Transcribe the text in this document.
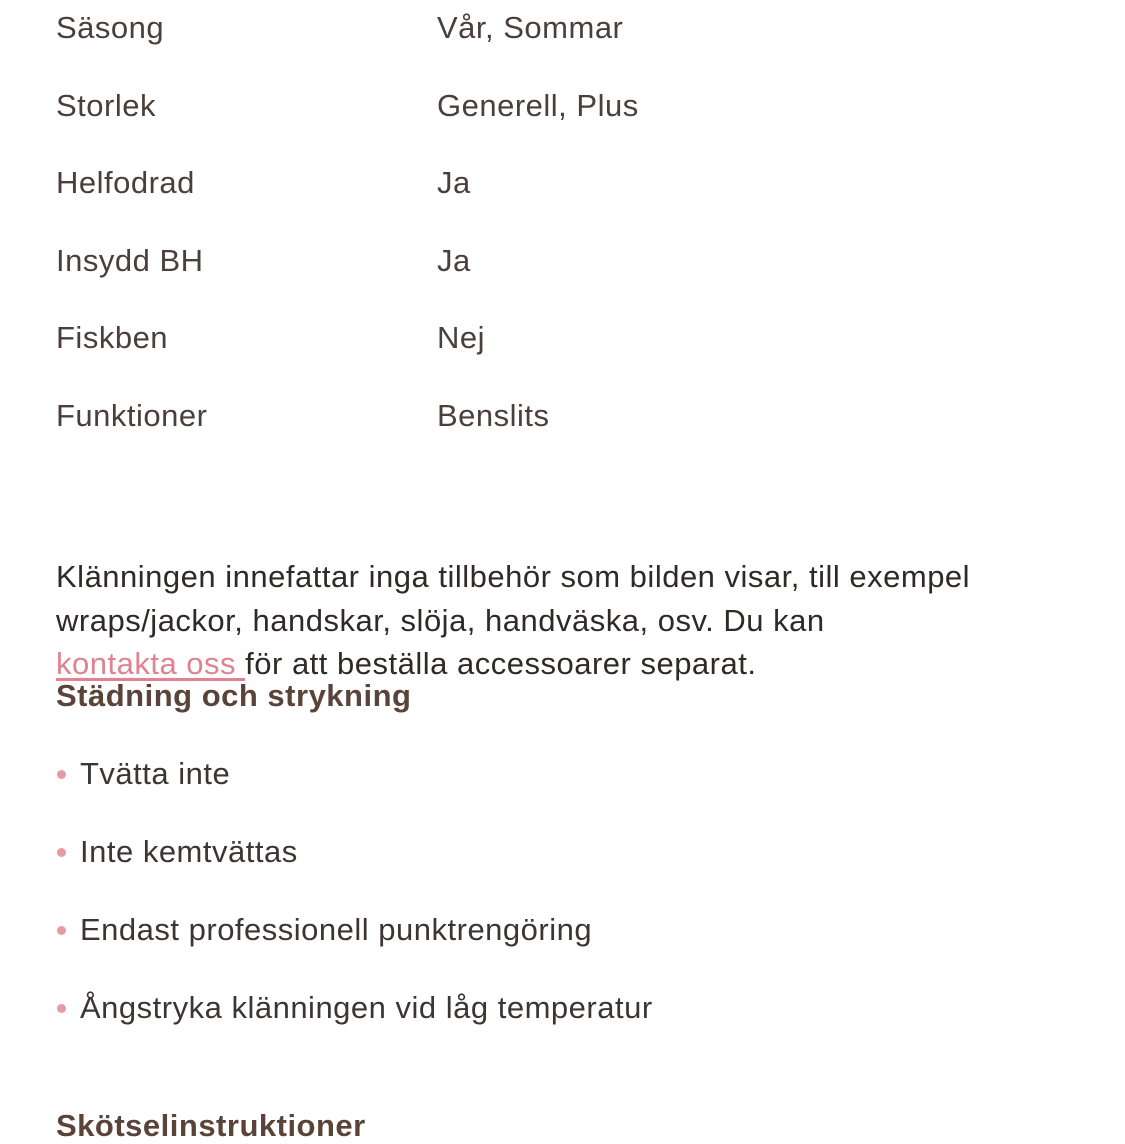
Säsong	Vår, Sommar
Storlek	Generell, Plus
Helfodrad	Ja
Insydd BH	Ja
Fiskben	Nej
Funktioner	Benslits

Klänningen innefattar inga tillbehör som bilden visar, till exempel wraps/jackor, handskar, slöja, handväska, osv. Du kan
kontakta oss för att beställa accessoarer separat.

Städning och strykning
Tvätta inte
Inte kemtvättas
Endast professionell punktrengöring
Ångstryka klänningen vid låg temperatur
Skötselinstruktioner
